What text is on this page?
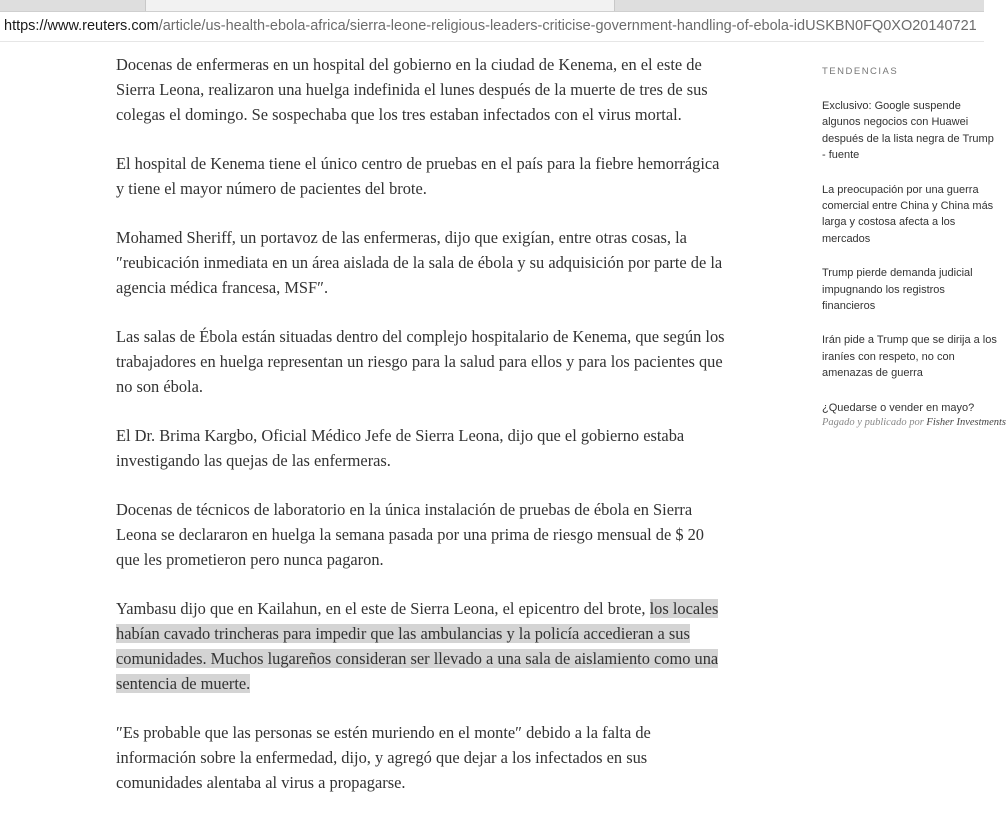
https://www.reuters.com/article/us-health-ebola-africa/sierra-leone-religious-leaders-criticise-government-handling-of-ebola-idUSKBN0FQ0XO20140721

Docenas de enfermeras en un hospital del gobierno en la ciudad de Kenema, en el este de Sierra Leona, realizaron una huelga indefinida el lunes después de la muerte de tres de sus colegas el domingo. Se sospechaba que los tres estaban infectados con el virus mortal.

El hospital de Kenema tiene el único centro de pruebas en el país para la fiebre hemorrágica y tiene el mayor número de pacientes del brote.

Mohamed Sheriff, un portavoz de las enfermeras, dijo que exigían, entre otras cosas, la ″reubicación inmediata en un área aislada de la sala de ébola y su adquisición por parte de la agencia médica francesa, MSF″.

Las salas de Ébola están situadas dentro del complejo hospitalario de Kenema, que según los trabajadores en huelga representan un riesgo para la salud para ellos y para los pacientes que no son ébola.

El Dr. Brima Kargbo, Oficial Médico Jefe de Sierra Leona, dijo que el gobierno estaba investigando las quejas de las enfermeras.

Docenas de técnicos de laboratorio en la única instalación de pruebas de ébola en Sierra Leona se declararon en huelga la semana pasada por una prima de riesgo mensual de $ 20 que les prometieron pero nunca pagaron.

Yambasu dijo que en Kailahun, en el este de Sierra Leona, el epicentro del brote, los locales habían cavado trincheras para impedir que las ambulancias y la policía accedieran a sus comunidades. Muchos lugareños consideran ser llevado a una sala de aislamiento como una sentencia de muerte.

″Es probable que las personas se estén muriendo en el monte″ debido a la falta de información sobre la enfermedad, dijo, y agregó que dejar a los infectados en sus comunidades alentaba al virus a propagarse.

TENDENCIAS
Exclusivo: Google suspende algunos negocios con Huawei después de la lista negra de Trump - fuente
La preocupación por una guerra comercial entre China y China más larga y costosa afecta a los mercados
Trump pierde demanda judicial impugnando los registros financieros
Irán pide a Trump que se dirija a los iraníes con respeto, no con amenazas de guerra
¿Quedarse o vender en mayo?
Pagado y publicado por Fisher Investments
